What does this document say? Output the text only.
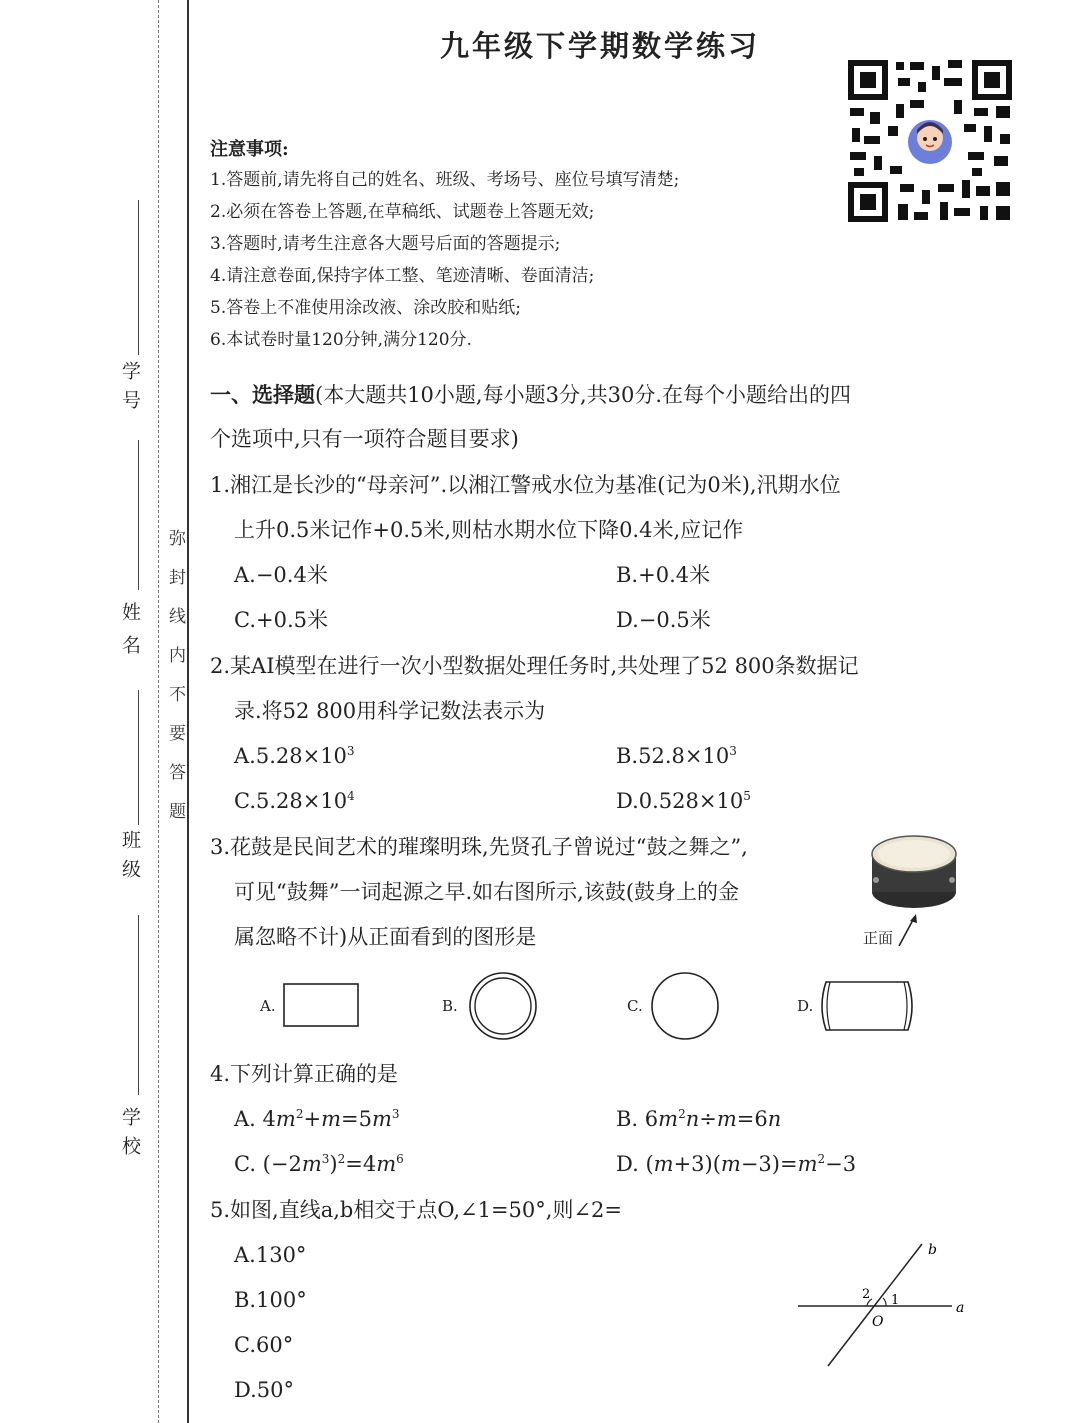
学号
姓名
班级
学校
弥封线内不要答题
九年级下学期数学练习
注意事项:
1.答题前,请先将自己的姓名、班级、考场号、座位号填写清楚;
2.必须在答卷上答题,在草稿纸、试题卷上答题无效;
3.答题时,请考生注意各大题号后面的答题提示;
4.请注意卷面,保持字体工整、笔迹清晰、卷面清洁;
5.答卷上不准使用涂改液、涂改胶和贴纸;
6.本试卷时量120分钟,满分120分.
一、选择题(本大题共10小题,每小题3分,共30分.在每个小题给出的四
个选项中,只有一项符合题目要求)
1.湘江是长沙的“母亲河”.以湘江警戒水位为基准(记为0米),汛期水位
上升0.5米记作+0.5米,则枯水期水位下降0.4米,应记作
A.−0.4米	B.+0.4米
C.+0.5米	D.−0.5米
2.某AI模型在进行一次小型数据处理任务时,共处理了52 800条数据记
录.将52 800用科学记数法表示为
$A.5.28\times 10^3$	$B.52.8\times 10^3$
$C.5.28\times 10^4$	$D.0.528\times 10^5$
3.花鼓是民间艺术的璀璨明珠,先贤孔子曾说过“鼓之舞之”,
可见“鼓舞”一词起源之早.如右图所示,该鼓(鼓身上的金
属忽略不计)从正面看到的图形是	正面
A.	B.	C.	D.
4.下列计算正确的是
A. $4m^2+m=5m^3$	B. $6m^2n\div m=6n$
C. $(-2m^3)^2=4m^6$	D. $(m+3)(m-3)=m^2-3$
5.如图,直线a,b相交于点O,∠1=50°,则∠2=
A.130°
B.100°
C.60°
D.50°
b
a
O
1
2
